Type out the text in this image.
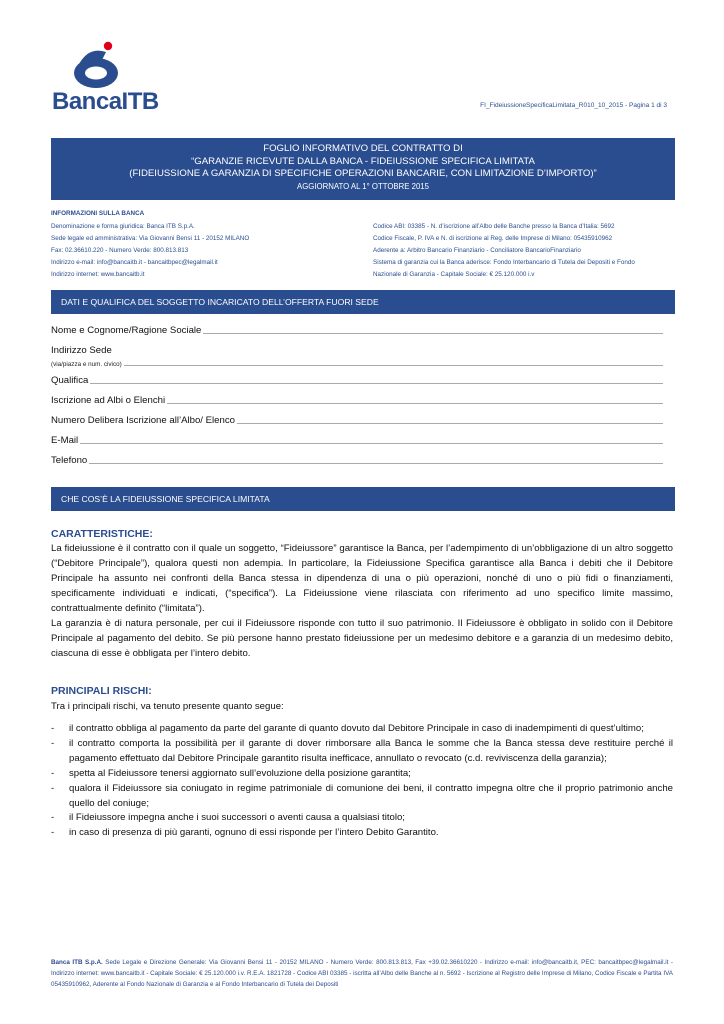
BancaITB	FI_FideiussioneSpecificaLimitata_R010_10_2015 - Pagina 1 di 3
FOGLIO INFORMATIVO DEL CONTRATTO DI
“GARANZIE RICEVUTE DALLA BANCA - FIDEIUSSIONE SPECIFICA LIMITATA
(FIDEIUSSIONE A GARANZIA DI SPECIFICHE OPERAZIONI BANCARIE, CON LIMITAZIONE D’IMPORTO)”
AGGIORNATO AL 1° OTTOBRE 2015
INFORMAZIONI SULLA BANCA
Denominazione e forma giuridica: Banca ITB S.p.A.
Sede legale ed amministrativa: Via Giovanni Bensi 11 - 20152 MILANO
Fax: 02.36610.220 - Numero Verde: 800.813.813
Indirizzo e-mail: info@bancaitb.it - bancaitbpec@legalmail.it
Indirizzo internet: www.bancaitb.it
Codice ABI: 03385 - N. d’iscrizione all’Albo delle Banche presso la Banca d’Italia: 5692
Codice Fiscale, P. IVA e N. di iscrizione al Reg. delle Imprese di Milano: 05435910962
Aderente a: Arbitro Bancario Finanziario - Conciliatore BancarioFinanziario
Sistema di garanzia cui la Banca aderisce: Fondo Interbancario di Tutela dei Depositi e Fondo
Nazionale di Garanzia - Capitale Sociale: € 25.120.000 i.v
DATI E QUALIFICA DEL SOGGETTO INCARICATO DELL’OFFERTA FUORI SEDE
Nome e Cognome/Ragione Sociale
Indirizzo Sede
(via/piazza e num. civico)
Qualifica
Iscrizione ad Albi o Elenchi
Numero Delibera Iscrizione all’Albo/ Elenco
E-Mail
Telefono
CHE COS’È LA FIDEIUSSIONE SPECIFICA LIMITATA
CARATTERISTICHE:
La fideiussione è il contratto con il quale un soggetto, “Fideiussore” garantisce la Banca, per l’adempimento di un’obbligazione di un altro soggetto (“Debitore Principale”), qualora questi non adempia. In particolare, la Fideiussione Specifica garantisce alla Banca i debiti che il Debitore Principale ha assunto nei confronti della Banca stessa in dipendenza di una o più operazioni, nonché di uno o più fidi o finanziamenti, specificamente individuati e indicati, (“specifica”). La Fideiussione viene rilasciata con riferimento ad uno specifico limite massimo, contrattualmente definito (“limitata”).
La garanzia è di natura personale, per cui il Fideiussore risponde con tutto il suo patrimonio. Il Fideiussore è obbligato in solido con il Debitore Principale al pagamento del debito. Se più persone hanno prestato fideiussione per un medesimo debitore e a garanzia di un medesimo debito, ciascuna di esse è obbligata per l’intero debito.
PRINCIPALI RISCHI:
Tra i principali rischi, va tenuto presente quanto segue:
- il contratto obbliga al pagamento da parte del garante di quanto dovuto dal Debitore Principale in caso di inadempimenti di quest’ultimo;
- il contratto comporta la possibilità per il garante di dover rimborsare alla Banca le somme che la Banca stessa deve restituire perché il pagamento effettuato dal Debitore Principale garantito risulta inefficace, annullato o revocato (c.d. reviviscenza della garanzia);
- spetta al Fideiussore tenersi aggiornato sull’evoluzione della posizione garantita;
- qualora il Fideiussore sia coniugato in regime patrimoniale di comunione dei beni, il contratto impegna oltre che il proprio patrimonio anche quello del coniuge;
- il Fideiussore impegna anche i suoi successori o aventi causa a qualsiasi titolo;
- in caso di presenza di più garanti, ognuno di essi risponde per l’intero Debito Garantito.
Banca ITB S.p.A. Sede Legale e Direzione Generale: Via Giovanni Bensi 11 - 20152 MILANO - Numero Verde: 800.813.813, Fax +39.02.36610220 - Indirizzo e-mail: info@bancaitb.it, PEC: bancaitbpec@legalmail.it - Indirizzo internet: www.bancaitb.it - Capitale Sociale: € 25.120.000 i.v. R.E.A. 1821728 - Codice ABI 03385 - iscritta all’Albo delle Banche al n. 5692 - Iscrizione al Registro delle Imprese di Milano, Codice Fiscale e Partita IVA 05435910962, Aderente al Fondo Nazionale di Garanzia e al Fondo Interbancario di Tutela dei Depositi
